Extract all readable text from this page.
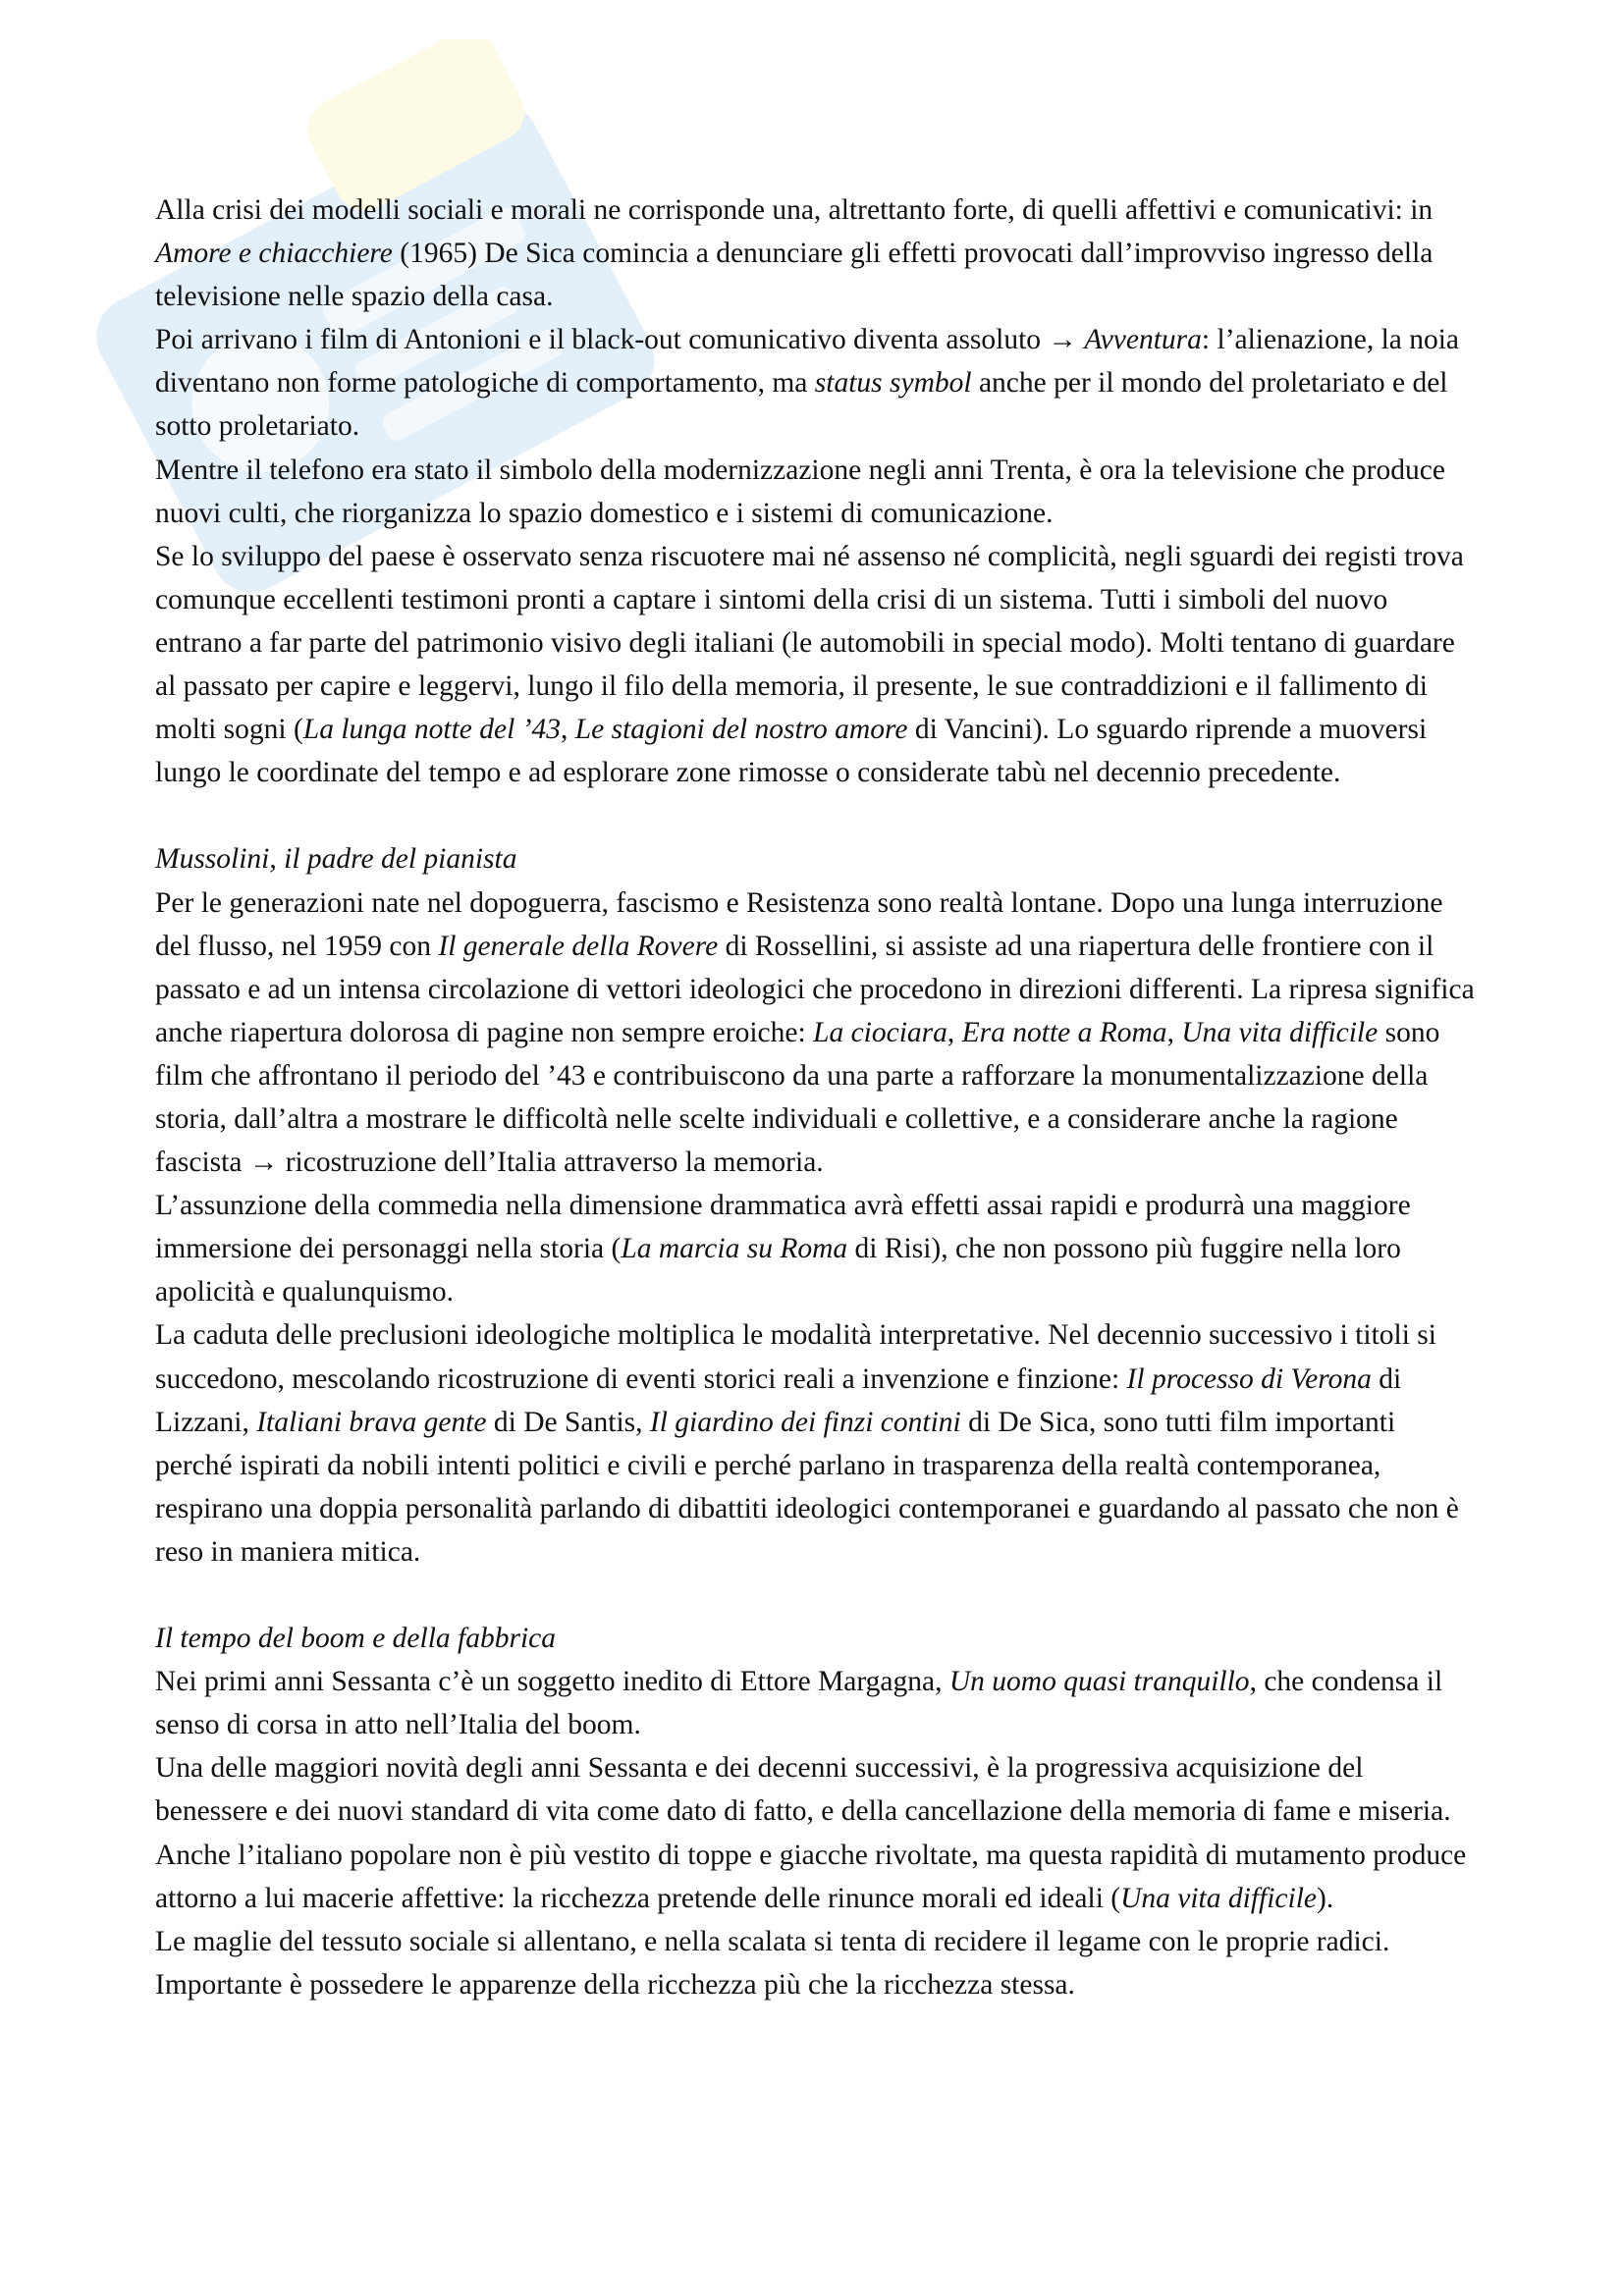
Alla crisi dei modelli sociali e morali ne corrisponde una, altrettanto forte, di quelli affettivi e comunicativi: in Amore e chiacchiere (1965) De Sica comincia a denunciare gli effetti provocati dall’improvviso ingresso della televisione nelle spazio della casa.

Poi arrivano i film di Antonioni e il black-out comunicativo diventa assoluto → Avventura: l’alienazione, la noia diventano non forme patologiche di comportamento, ma status symbol anche per il mondo del proletariato e del sotto proletariato.

Mentre il telefono era stato il simbolo della modernizzazione negli anni Trenta, è ora la televisione che produce nuovi culti, che riorganizza lo spazio domestico e i sistemi di comunicazione.

Se lo sviluppo del paese è osservato senza riscuotere mai né assenso né complicità, negli sguardi dei registi trova comunque eccellenti testimoni pronti a captare i sintomi della crisi di un sistema. Tutti i simboli del nuovo entrano a far parte del patrimonio visivo degli italiani (le automobili in special modo). Molti tentano di guardare al passato per capire e leggervi, lungo il filo della memoria, il presente, le sue contraddizioni e il fallimento di molti sogni (La lunga notte del ’43, Le stagioni del nostro amore di Vancini). Lo sguardo riprende a muoversi lungo le coordinate del tempo e ad esplorare zone rimosse o considerate tabù nel decennio precedente.

Mussolini, il padre del pianista

Per le generazioni nate nel dopoguerra, fascismo e Resistenza sono realtà lontane. Dopo una lunga interruzione del flusso, nel 1959 con Il generale della Rovere di Rossellini, si assiste ad una riapertura delle frontiere con il passato e ad un intensa circolazione di vettori ideologici che procedono in direzioni differenti. La ripresa significa anche riapertura dolorosa di pagine non sempre eroiche: La ciociara, Era notte a Roma, Una vita difficile sono film che affrontano il periodo del ’43 e contribuiscono da una parte a rafforzare la monumentalizzazione della storia, dall’altra a mostrare le difficoltà nelle scelte individuali e collettive, e a considerare anche la ragione fascista → ricostruzione dell’Italia attraverso la memoria.

L’assunzione della commedia nella dimensione drammatica avrà effetti assai rapidi e produrrà una maggiore immersione dei personaggi nella storia (La marcia su Roma di Risi), che non possono più fuggire nella loro apolicità e qualunquismo.

La caduta delle preclusioni ideologiche moltiplica le modalità interpretative. Nel decennio successivo i titoli si succedono, mescolando ricostruzione di eventi storici reali a invenzione e finzione: Il processo di Verona di Lizzani, Italiani brava gente di De Santis, Il giardino dei finzi contini di De Sica, sono tutti film importanti perché ispirati da nobili intenti politici e civili e perché parlano in trasparenza della realtà contemporanea, respirano una doppia personalità parlando di dibattiti ideologici contemporanei e guardando al passato che non è reso in maniera mitica.

Il tempo del boom e della fabbrica

Nei primi anni Sessanta c’è un soggetto inedito di Ettore Margagna, Un uomo quasi tranquillo, che condensa il senso di corsa in atto nell’Italia del boom.

Una delle maggiori novità degli anni Sessanta e dei decenni successivi, è la progressiva acquisizione del benessere e dei nuovi standard di vita come dato di fatto, e della cancellazione della memoria di fame e miseria. Anche l’italiano popolare non è più vestito di toppe e giacche rivoltate, ma questa rapidità di mutamento produce attorno a lui macerie affettive: la ricchezza pretende delle rinunce morali ed ideali (Una vita difficile).

Le maglie del tessuto sociale si allentano, e nella scalata si tenta di recidere il legame con le proprie radici. Importante è possedere le apparenze della ricchezza più che la ricchezza stessa.
